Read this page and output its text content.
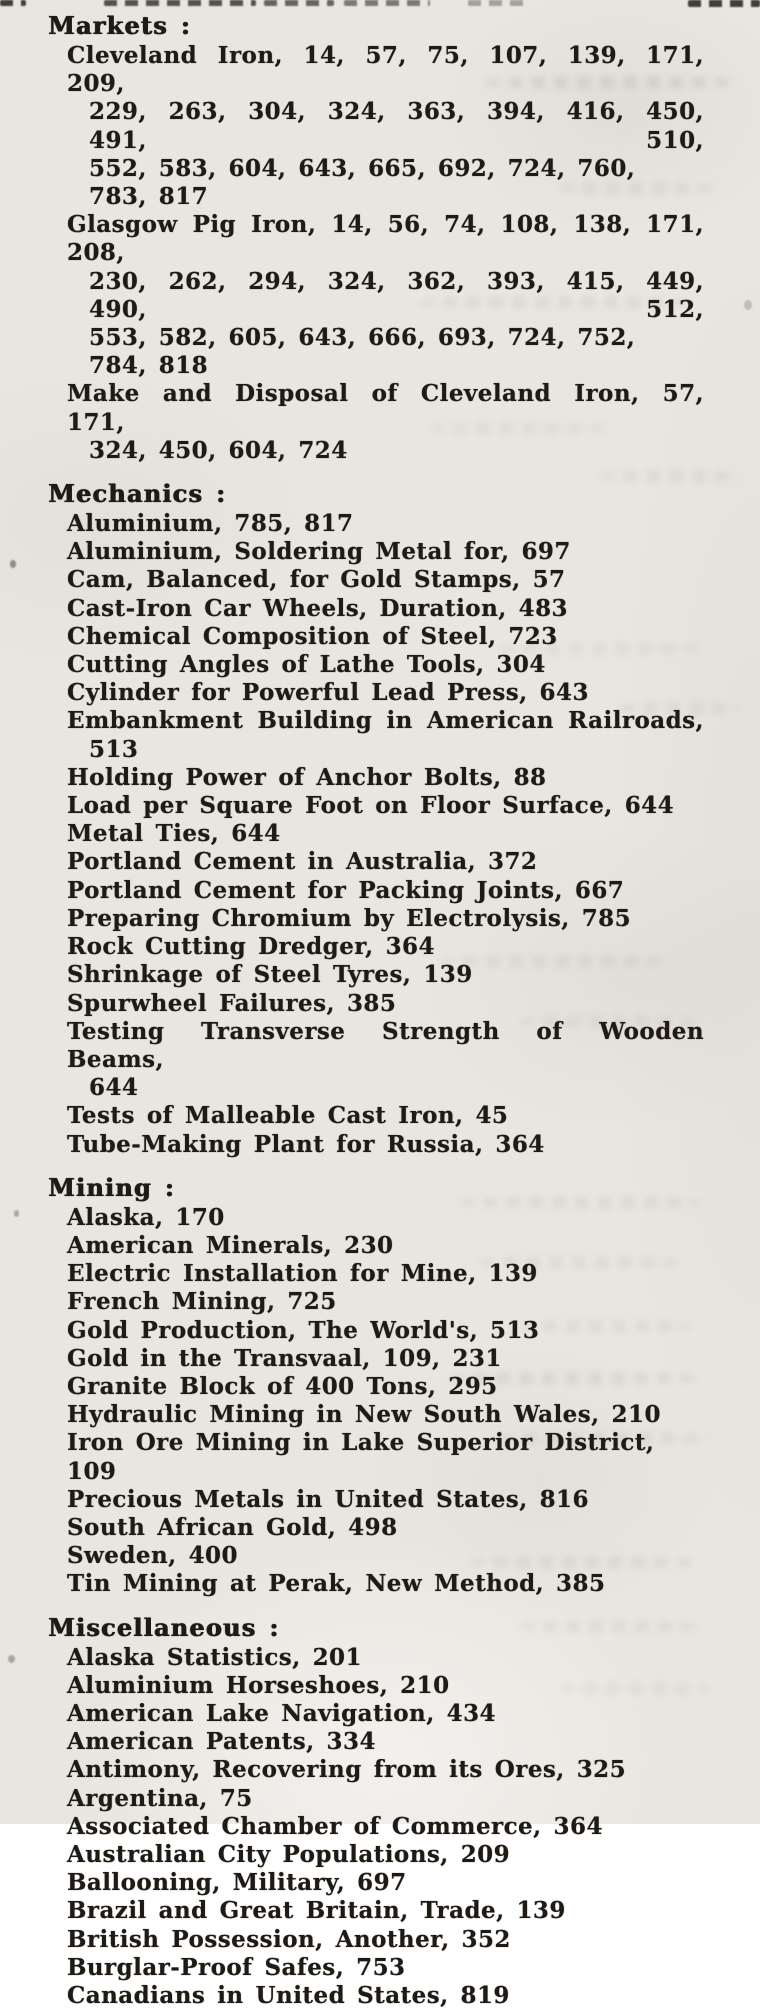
Markets :
Cleveland Iron, 14, 57, 75, 107, 139, 171, 209,
229, 263, 304, 324, 363, 394, 416, 450, 491, 510,
552, 583, 604, 643, 665, 692, 724, 760, 783, 817
Glasgow Pig Iron, 14, 56, 74, 108, 138, 171, 208,
230, 262, 294, 324, 362, 393, 415, 449, 490, 512,
553, 582, 605, 643, 666, 693, 724, 752, 784, 818
Make and Disposal of Cleveland Iron, 57, 171,
324, 450, 604, 724
Mechanics :
Aluminium, 785, 817
Aluminium, Soldering Metal for, 697
Cam, Balanced, for Gold Stamps, 57
Cast-Iron Car Wheels, Duration, 483
Chemical Composition of Steel, 723
Cutting Angles of Lathe Tools, 304
Cylinder for Powerful Lead Press, 643
Embankment Building in American Railroads,
513
Holding Power of Anchor Bolts, 88
Load per Square Foot on Floor Surface, 644
Metal Ties, 644
Portland Cement in Australia, 372
Portland Cement for Packing Joints, 667
Preparing Chromium by Electrolysis, 785
Rock Cutting Dredger, 364
Shrinkage of Steel Tyres, 139
Spurwheel Failures, 385
Testing Transverse Strength of Wooden Beams,
644
Tests of Malleable Cast Iron, 45
Tube-Making Plant for Russia, 364
Mining :
Alaska, 170
American Minerals, 230
Electric Installation for Mine, 139
French Mining, 725
Gold Production, The World's, 513
Gold in the Transvaal, 109, 231
Granite Block of 400 Tons, 295
Hydraulic Mining in New South Wales, 210
Iron Ore Mining in Lake Superior District, 109
Precious Metals in United States, 816
South African Gold, 498
Sweden, 400
Tin Mining at Perak, New Method, 385
Miscellaneous :
Alaska Statistics, 201
Aluminium Horseshoes, 210
American Lake Navigation, 434
American Patents, 334
Antimony, Recovering from its Ores, 325
Argentina, 75
Associated Chamber of Commerce, 364
Australian City Populations, 209
Ballooning, Military, 697
Brazil and Great Britain, Trade, 139
British Possession, Another, 352
Burglar-Proof Safes, 753
Canadians in United States, 819
